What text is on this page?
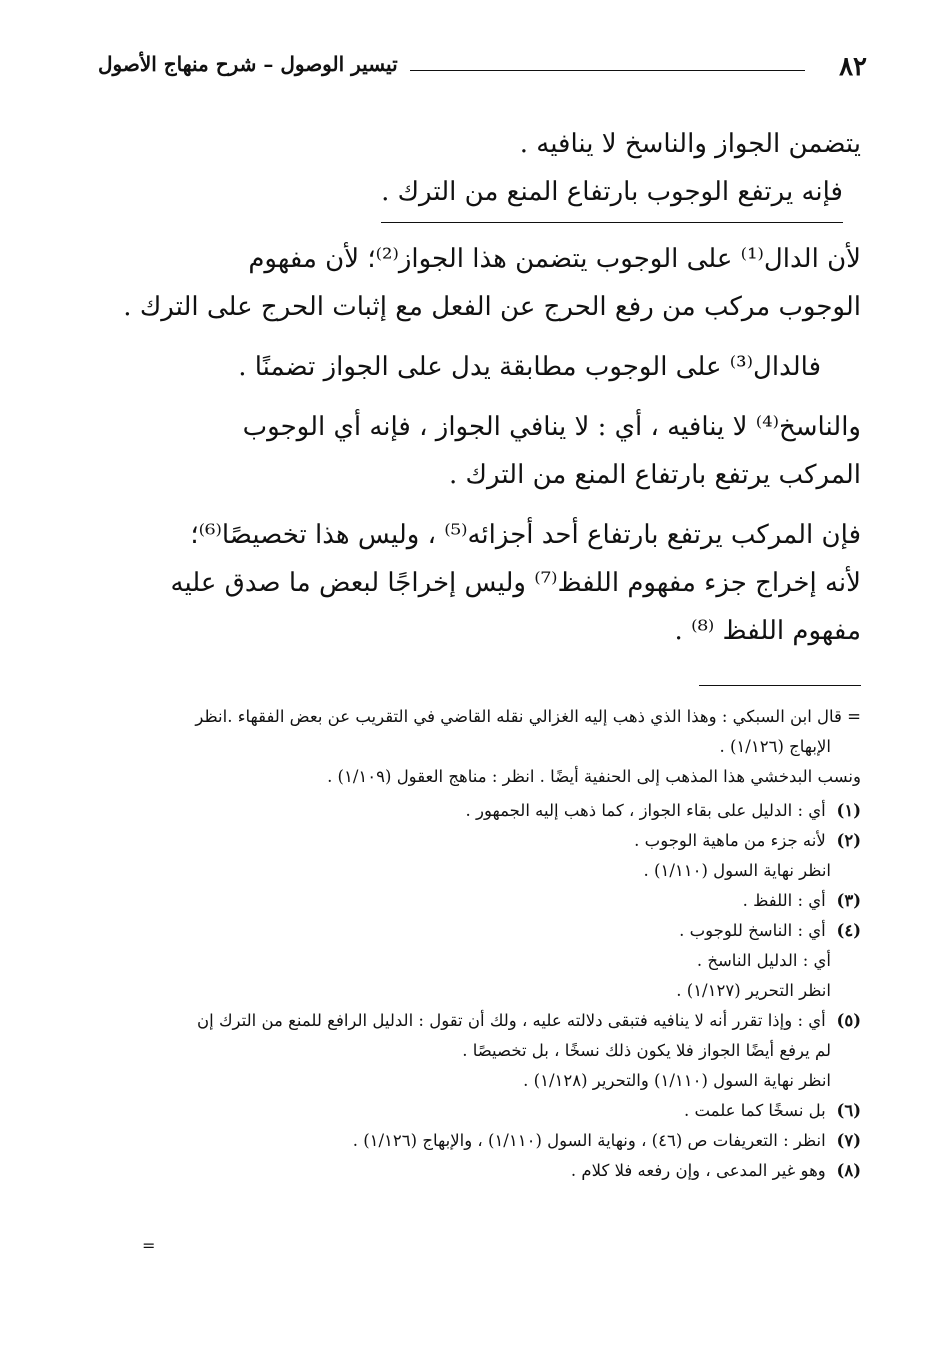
٨٢
تيسير الوصول – شرح منهاج الأصول
يتضمن الجواز والناسخ لا ينافيه .
فإنه يرتفع الوجوب بارتفاع المنع من الترك .
لأن الدال⁽¹⁾ على الوجوب يتضمن هذا الجواز⁽²⁾؛ لأن مفهوم
الوجوب مركب من رفع الحرج عن الفعل مع إثبات الحرج على الترك .
فالدال⁽³⁾ على الوجوب مطابقة يدل على الجواز تضمنًا .
والناسخ⁽⁴⁾ لا ينافيه ، أي : لا ينافي الجواز ، فإنه أي الوجوب
المركب يرتفع بارتفاع المنع من الترك .
فإن المركب يرتفع بارتفاع أحد أجزائه⁽⁵⁾ ، وليس هذا تخصيصًا⁽⁶⁾؛
لأنه إخراج جزء مفهوم اللفظ⁽⁷⁾ وليس إخراجًا لبعض ما صدق عليه
مفهوم اللفظ ⁽⁸⁾ .
= قال ابن السبكي : وهذا الذي ذهب إليه الغزالي نقله القاضي في التقريب عن بعض الفقهاء .انظر
الإبهاج (١/١٢٦) .
ونسب البدخشي هذا المذهب إلى الحنفية أيضًا . انظر : مناهج العقول (١/١٠٩) .
(١) أي : الدليل على بقاء الجواز ، كما ذهب إليه الجمهور .
(٢) لأنه جزء من ماهية الوجوب .
انظر نهاية السول (١/١١٠) .
(٣) أي : اللفظ .
(٤) أي : الناسخ للوجوب .
أي : الدليل الناسخ .
انظر التحرير (١/١٢٧) .
(٥) أي : وإذا تقرر أنه لا ينافيه فتبقى دلالته عليه ، ولك أن تقول : الدليل الرافع للمنع من الترك إن
لم يرفع أيضًا الجواز فلا يكون ذلك نسخًا ، بل تخصيصًا .
انظر نهاية السول (١/١١٠) والتحرير (١/١٢٨) .
(٦) بل نسخًا كما علمت .
(٧) انظر : التعريفات ص (٤٦) ، ونهاية السول (١/١١٠) ، والإبهاج (١/١٢٦) .
(٨) وهو غير المدعى ، وإن رفعه فلا كلام .
=
